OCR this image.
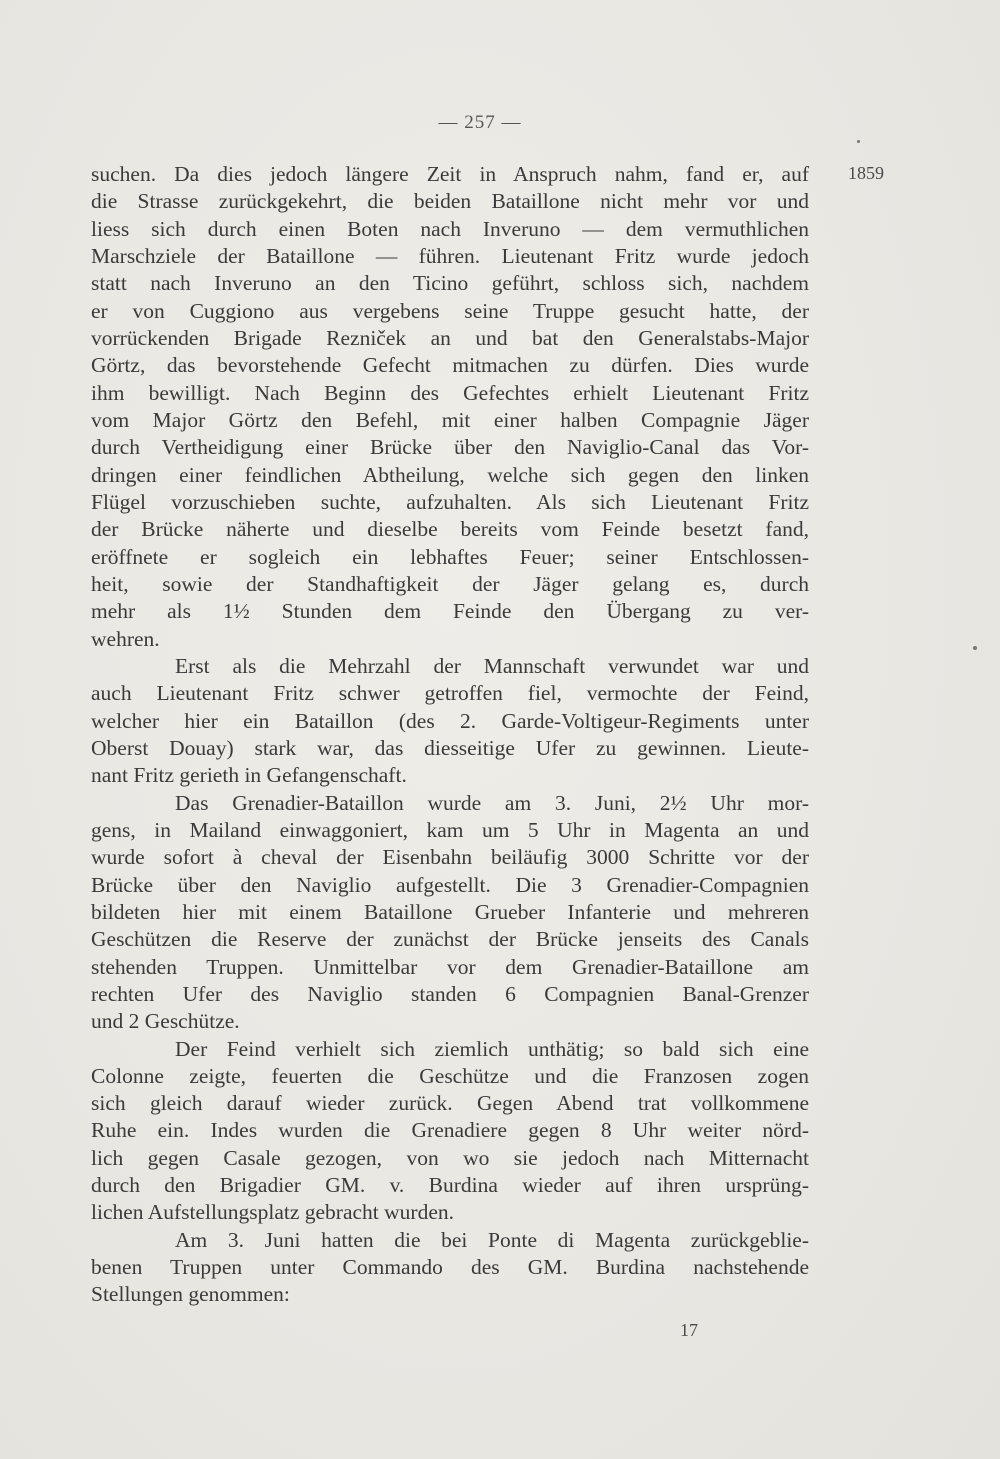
— 257 —
1859
suchen. Da dies jedoch längere Zeit in Anspruch nahm, fand er, auf
die Strasse zurückgekehrt, die beiden Bataillone nicht mehr vor und
liess sich durch einen Boten nach Inveruno — dem vermuthlichen
Marschziele der Bataillone — führen. Lieutenant Fritz wurde jedoch
statt nach Inveruno an den Ticino geführt, schloss sich, nachdem
er von Cuggiono aus vergebens seine Truppe gesucht hatte, der
vorrückenden Brigade Rezniček an und bat den Generalstabs-Major
Görtz, das bevorstehende Gefecht mitmachen zu dürfen. Dies wurde
ihm bewilligt. Nach Beginn des Gefechtes erhielt Lieutenant Fritz
vom Major Görtz den Befehl, mit einer halben Compagnie Jäger
durch Vertheidigung einer Brücke über den Naviglio-Canal das Vor-
dringen einer feindlichen Abtheilung, welche sich gegen den linken
Flügel vorzuschieben suchte, aufzuhalten. Als sich Lieutenant Fritz
der Brücke näherte und dieselbe bereits vom Feinde besetzt fand,
eröffnete er sogleich ein lebhaftes Feuer; seiner Entschlossen-
heit, sowie der Standhaftigkeit der Jäger gelang es, durch
mehr als 1½ Stunden dem Feinde den Übergang zu ver-
wehren.
Erst als die Mehrzahl der Mannschaft verwundet war und
auch Lieutenant Fritz schwer getroffen fiel, vermochte der Feind,
welcher hier ein Bataillon (des 2. Garde-Voltigeur-Regiments unter
Oberst Douay) stark war, das diesseitige Ufer zu gewinnen. Lieute-
nant Fritz gerieth in Gefangenschaft.
Das Grenadier-Bataillon wurde am 3. Juni, 2½ Uhr mor-
gens, in Mailand einwaggoniert, kam um 5 Uhr in Magenta an und
wurde sofort à cheval der Eisenbahn beiläufig 3000 Schritte vor der
Brücke über den Naviglio aufgestellt. Die 3 Grenadier-Compagnien
bildeten hier mit einem Bataillone Grueber Infanterie und mehreren
Geschützen die Reserve der zunächst der Brücke jenseits des Canals
stehenden Truppen. Unmittelbar vor dem Grenadier-Bataillone am
rechten Ufer des Naviglio standen 6 Compagnien Banal-Grenzer
und 2 Geschütze.
Der Feind verhielt sich ziemlich unthätig; so bald sich eine
Colonne zeigte, feuerten die Geschütze und die Franzosen zogen
sich gleich darauf wieder zurück. Gegen Abend trat vollkommene
Ruhe ein. Indes wurden die Grenadiere gegen 8 Uhr weiter nörd-
lich gegen Casale gezogen, von wo sie jedoch nach Mitternacht
durch den Brigadier GM. v. Burdina wieder auf ihren ursprüng-
lichen Aufstellungsplatz gebracht wurden.
Am 3. Juni hatten die bei Ponte di Magenta zurückgeblie-
benen Truppen unter Commando des GM. Burdina nachstehende
Stellungen genommen:
17
